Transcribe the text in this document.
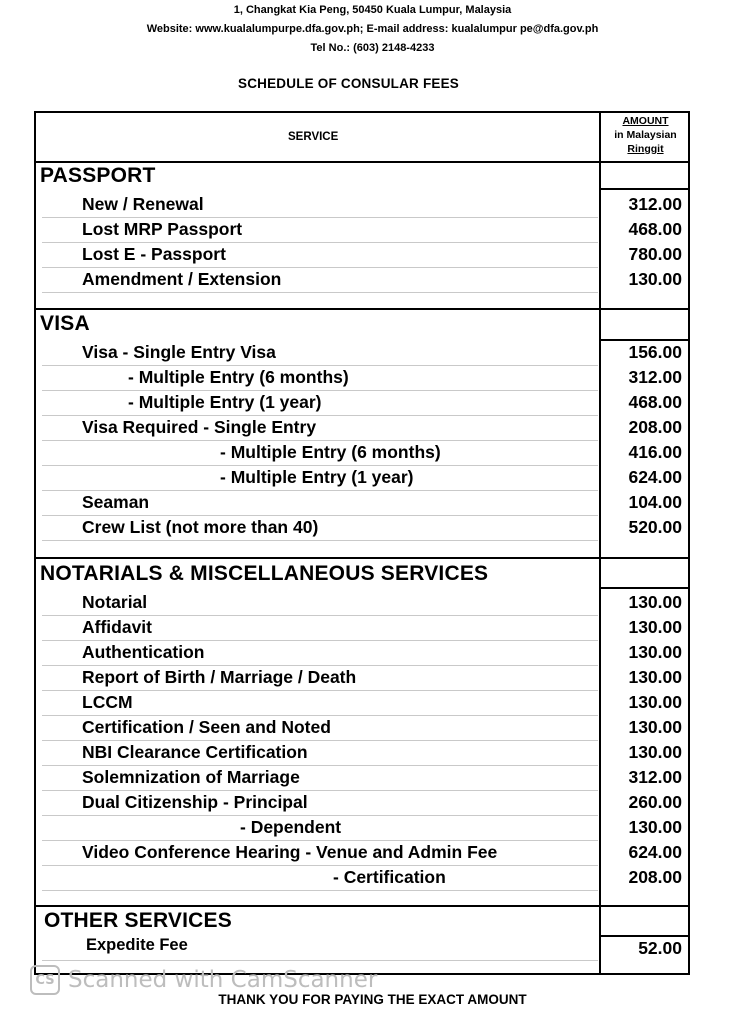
1, Changkat Kia Peng, 50450 Kuala Lumpur, Malaysia
Website: www.kualalumpurpe.dfa.gov.ph; E-mail address: kualalumpur pe@dfa.gov.ph
Tel No.: (603) 2148-4233
SCHEDULE OF CONSULAR FEES
SERVICE
AMOUNT
in Malaysian
Ringgit
PASSPORT
New / Renewal	312.00
Lost MRP Passport	468.00
Lost E - Passport	780.00
Amendment / Extension	130.00
VISA
Visa - Single Entry Visa	156.00
- Multiple Entry (6 months)	312.00
- Multiple Entry (1 year)	468.00
Visa Required - Single Entry	208.00
- Multiple Entry (6 months)	416.00
- Multiple Entry (1 year)	624.00
Seaman	104.00
Crew List (not more than 40)	520.00
NOTARIALS & MISCELLANEOUS SERVICES
Notarial	130.00
Affidavit	130.00
Authentication	130.00
Report of Birth / Marriage / Death	130.00
LCCM	130.00
Certification / Seen and Noted	130.00
NBI Clearance Certification	130.00
Solemnization of Marriage	312.00
Dual Citizenship - Principal	260.00
- Dependent	130.00
Video Conference Hearing - Venue and Admin Fee	624.00
- Certification	208.00
OTHER SERVICES
Expedite Fee	52.00
CS Scanned with CamScanner
THANK YOU FOR PAYING THE EXACT AMOUNT
